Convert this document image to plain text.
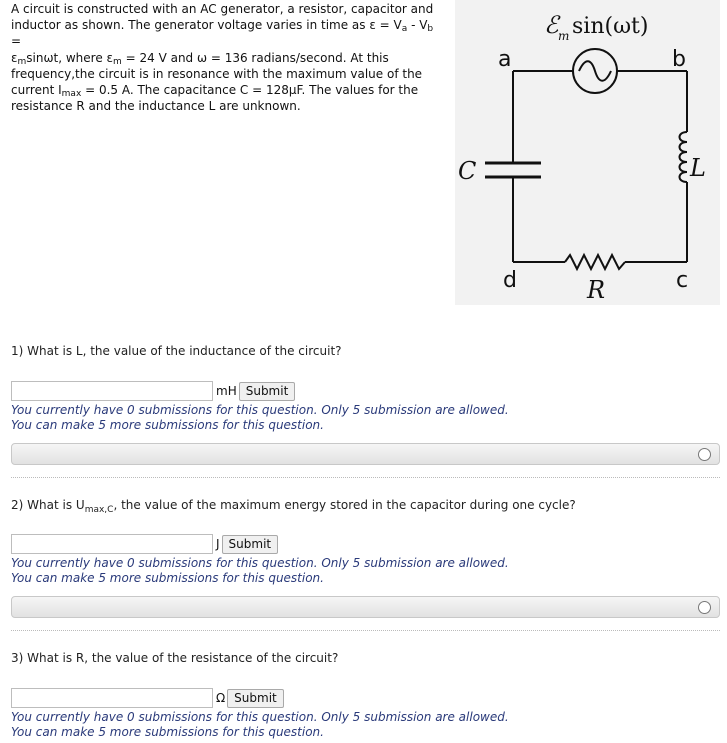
A circuit is constructed with an AC generator, a resistor, capacitor and
inductor as shown. The generator voltage varies in time as $\varepsilon = V_a - V_b$ =
$\varepsilon_m\sin\omega t$, where $\varepsilon_m = 24$ V and ω = 136 radians/second. At this
frequency,the circuit is in resonance with the maximum value of the
current $I_{max} = 0.5$ A. The capacitance C = 128μF. The values for the
resistance R and the inductance L are unknown.
ℰ m sin(ωt)
C	L
R
a	b
c
d
1) What is L, the value of the inductance of the circuit?
mH Submit
You currently have 0 submissions for this question. Only 5 submission are allowed.
You can make 5 more submissions for this question.
2) What is $U_{max,C}$, the value of the maximum energy stored in the capacitor during one cycle?
J Submit
You currently have 0 submissions for this question. Only 5 submission are allowed.
You can make 5 more submissions for this question.
3) What is R, the value of the resistance of the circuit?
Ω Submit
You currently have 0 submissions for this question. Only 5 submission are allowed.
You can make 5 more submissions for this question.
